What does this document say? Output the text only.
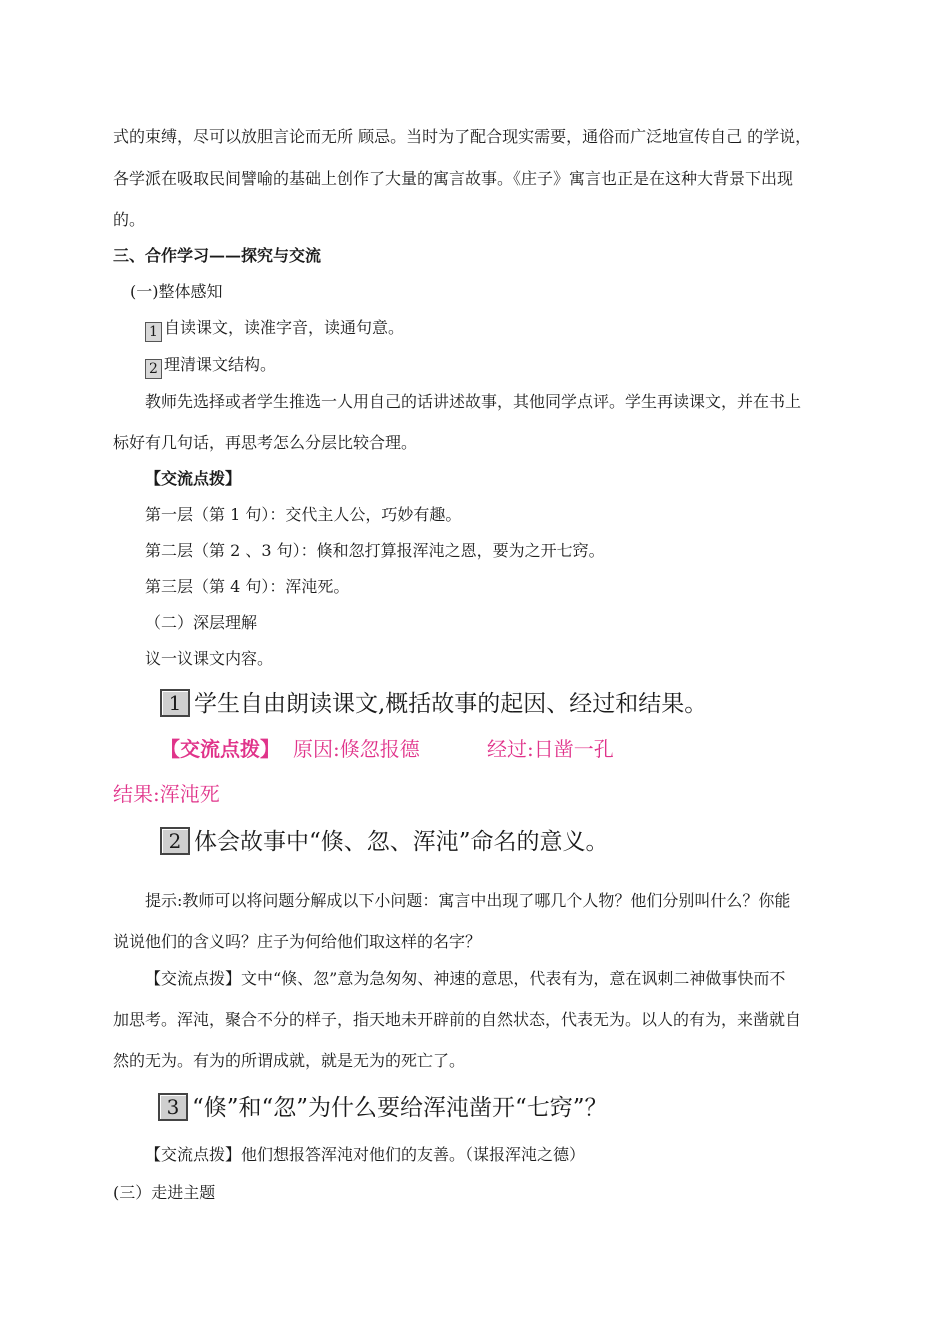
式的束缚，尽可以放胆言论而无所 顾忌。当时为了配合现实需要，通俗而广泛地宣传自己 的学说，
各学派在吸取民间譬喻的基础上创作了大量的寓言故事。《庄子》寓言也正是在这种大背景下出现
的。
三、合作学习——探究与交流
(一)整体感知
1 自读课文，读准字音，读通句意。
2 理清课文结构。
教师先选择或者学生推选一人用自己的话讲述故事，其他同学点评。学生再读课文，并在书上
标好有几句话，再思考怎么分层比较合理。
【交流点拨】
第一层（第 1 句）：交代主人公，巧妙有趣。
第二层（第 2 、3 句）：倏和忽打算报浑沌之恩，要为之开七窍。
第三层（第 4 句）：浑沌死。
（二）深层理解
议一议课文内容。
1 学生自由朗读课文,概括故事的起因、经过和结果。
【交流点拨】 原因:倏忽报德	经过:日凿一孔
结果:浑沌死
2 体会故事中“倏、忽、浑沌”命名的意义。
提示:教师可以将问题分解成以下小问题：寓言中出现了哪几个人物？他们分别叫什么？你能
说说他们的含义吗？庄子为何给他们取这样的名字？
【交流点拨】文中“倏、忽”意为急匆匆、神速的意思，代表有为，意在讽刺二神做事快而不
加思考。浑沌，聚合不分的样子，指天地未开辟前的自然状态，代表无为。以人的有为，来凿就自
然的无为。有为的所谓成就，就是无为的死亡了。
3 “倏”和“忽”为什么要给浑沌凿开“七窍”？
【交流点拨】他们想报答浑沌对他们的友善。（谋报浑沌之德）
(三）走进主题
